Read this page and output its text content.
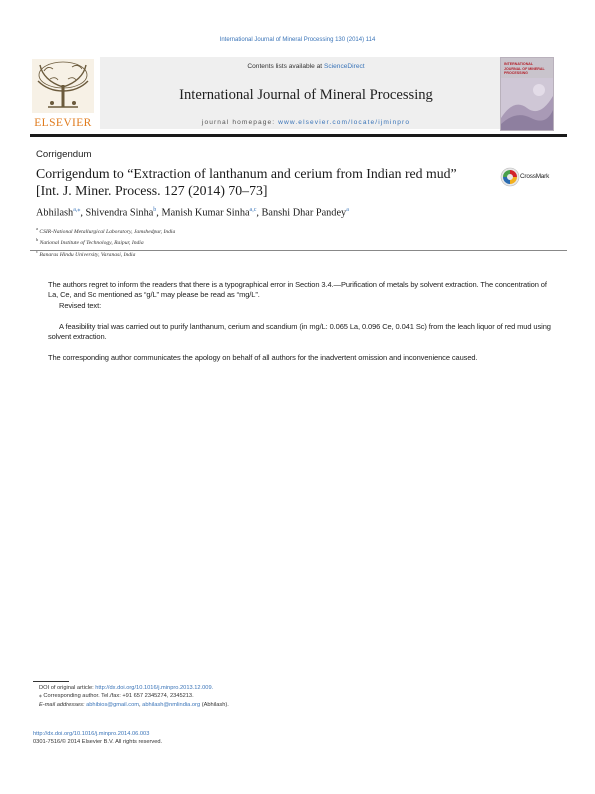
International Journal of Mineral Processing 130 (2014) 114
ELSEVIER
Contents lists available at ScienceDirect
International Journal of Mineral Processing
journal homepage: www.elsevier.com/locate/ijminpro
INTERNATIONAL JOURNAL OF MINERAL PROCESSING
Corrigendum
Corrigendum to “Extraction of lanthanum and cerium from Indian red mud”
[Int. J. Miner. Process. 127 (2014) 70–73]
CrossMark
Abhilash$^{a,⁎}$, Shivendra Sinha$^b$, Manish Kumar Sinha$^{a,c}$, Banshi Dhar Pandey$^a$
$^a$ CSIR-National Metallurgical Laboratory, Jamshedpur, India
$^b$ National Institute of Technology, Raipur, India
$^c$ Banaras Hindu University, Varanasi, India

The authors regret to inform the readers that there is a typographical error in Section 3.4.—Purification of metals by solvent extraction. The concentration of La, Ce, and Sc mentioned as “g/L” may please be read as “mg/L”.

Revised text:

A feasibility trial was carried out to purify lanthanum, cerium and scandium (in mg/L: 0.065 La, 0.096 Ce, 0.041 Sc) from the leach liquor of red mud using solvent extraction.

The corresponding author communicates the apology on behalf of all authors for the inadvertent omission and inconvenience caused.

DOI of original article: http://dx.doi.org/10.1016/j.minpro.2013.12.009.
⁎ Corresponding author. Tel./fax: +91 657 2345274, 2345213.
E-mail addresses: abhibios@gmail.com, abhilash@nmlindia.org (Abhilash).
http://dx.doi.org/10.1016/j.minpro.2014.06.003
0301-7516/© 2014 Elsevier B.V. All rights reserved.
